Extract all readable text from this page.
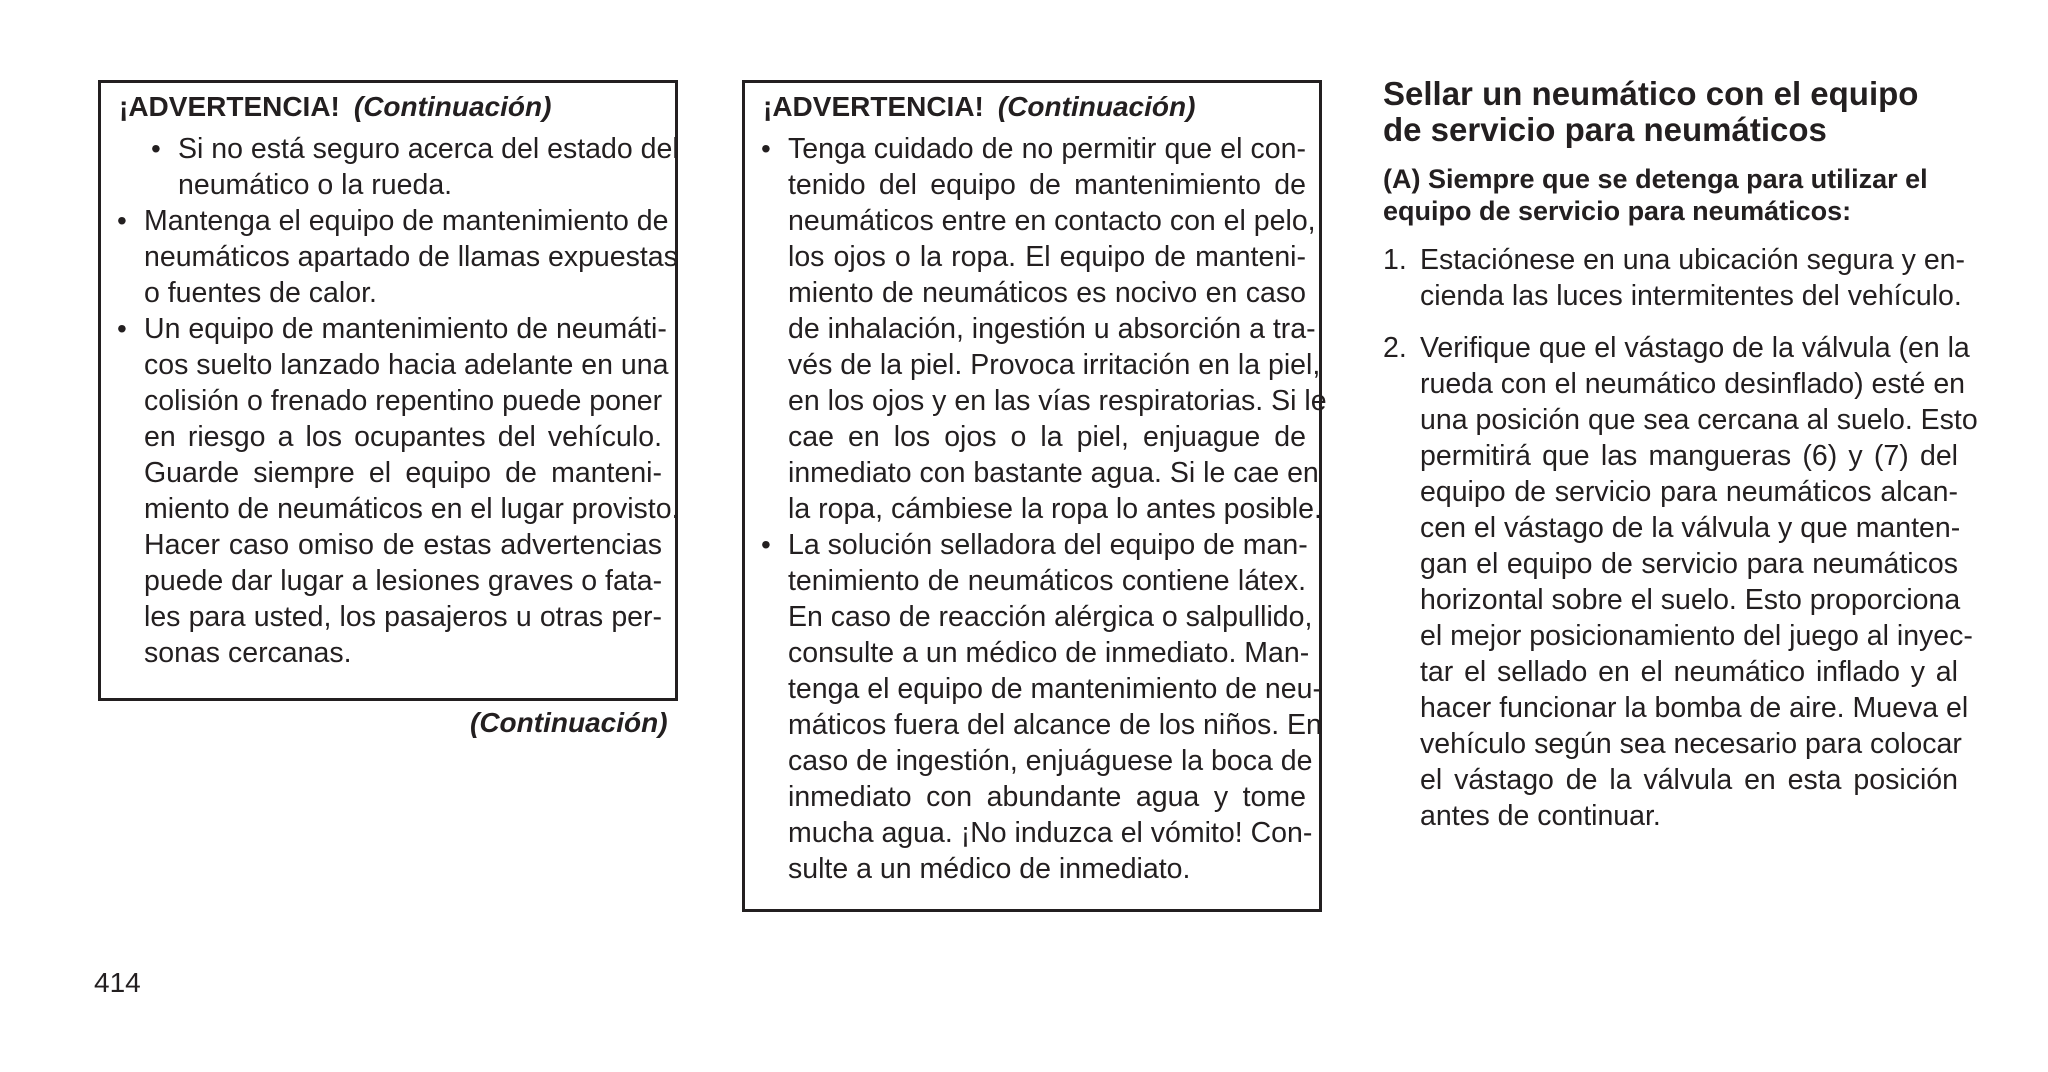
¡ADVERTENCIA! (Continuación)
• Si no está seguro acerca del estado del
neumático o la rueda.
• Mantenga el equipo de mantenimiento de
neumáticos apartado de llamas expuestas
o fuentes de calor.
• Un equipo de mantenimiento de neumáti-
cos suelto lanzado hacia adelante en una
colisión o frenado repentino puede poner
en riesgo a los ocupantes del vehículo.
Guarde siempre el equipo de manteni-
miento de neumáticos en el lugar provisto.
Hacer caso omiso de estas advertencias
puede dar lugar a lesiones graves o fata-
les para usted, los pasajeros u otras per-
sonas cercanas.
(Continuación)
¡ADVERTENCIA! (Continuación)
• Tenga cuidado de no permitir que el con-
tenido del equipo de mantenimiento de
neumáticos entre en contacto con el pelo,
los ojos o la ropa. El equipo de manteni-
miento de neumáticos es nocivo en caso
de inhalación, ingestión u absorción a tra-
vés de la piel. Provoca irritación en la piel,
en los ojos y en las vías respiratorias. Si le
cae en los ojos o la piel, enjuague de
inmediato con bastante agua. Si le cae en
la ropa, cámbiese la ropa lo antes posible.
• La solución selladora del equipo de man-
tenimiento de neumáticos contiene látex.
En caso de reacción alérgica o salpullido,
consulte a un médico de inmediato. Man-
tenga el equipo de mantenimiento de neu-
máticos fuera del alcance de los niños. En
caso de ingestión, enjuáguese la boca de
inmediato con abundante agua y tome
mucha agua. ¡No induzca el vómito! Con-
sulte a un médico de inmediato.
Sellar un neumático con el equipo
de servicio para neumáticos
(A) Siempre que se detenga para utilizar el
equipo de servicio para neumáticos:
1. Estaciónese en una ubicación segura y en-
cienda las luces intermitentes del vehículo.
2. Verifique que el vástago de la válvula (en la
rueda con el neumático desinflado) esté en
una posición que sea cercana al suelo. Esto
permitirá que las mangueras (6) y (7) del
equipo de servicio para neumáticos alcan-
cen el vástago de la válvula y que manten-
gan el equipo de servicio para neumáticos
horizontal sobre el suelo. Esto proporciona
el mejor posicionamiento del juego al inyec-
tar el sellado en el neumático inflado y al
hacer funcionar la bomba de aire. Mueva el
vehículo según sea necesario para colocar
el vástago de la válvula en esta posición
antes de continuar.
414
